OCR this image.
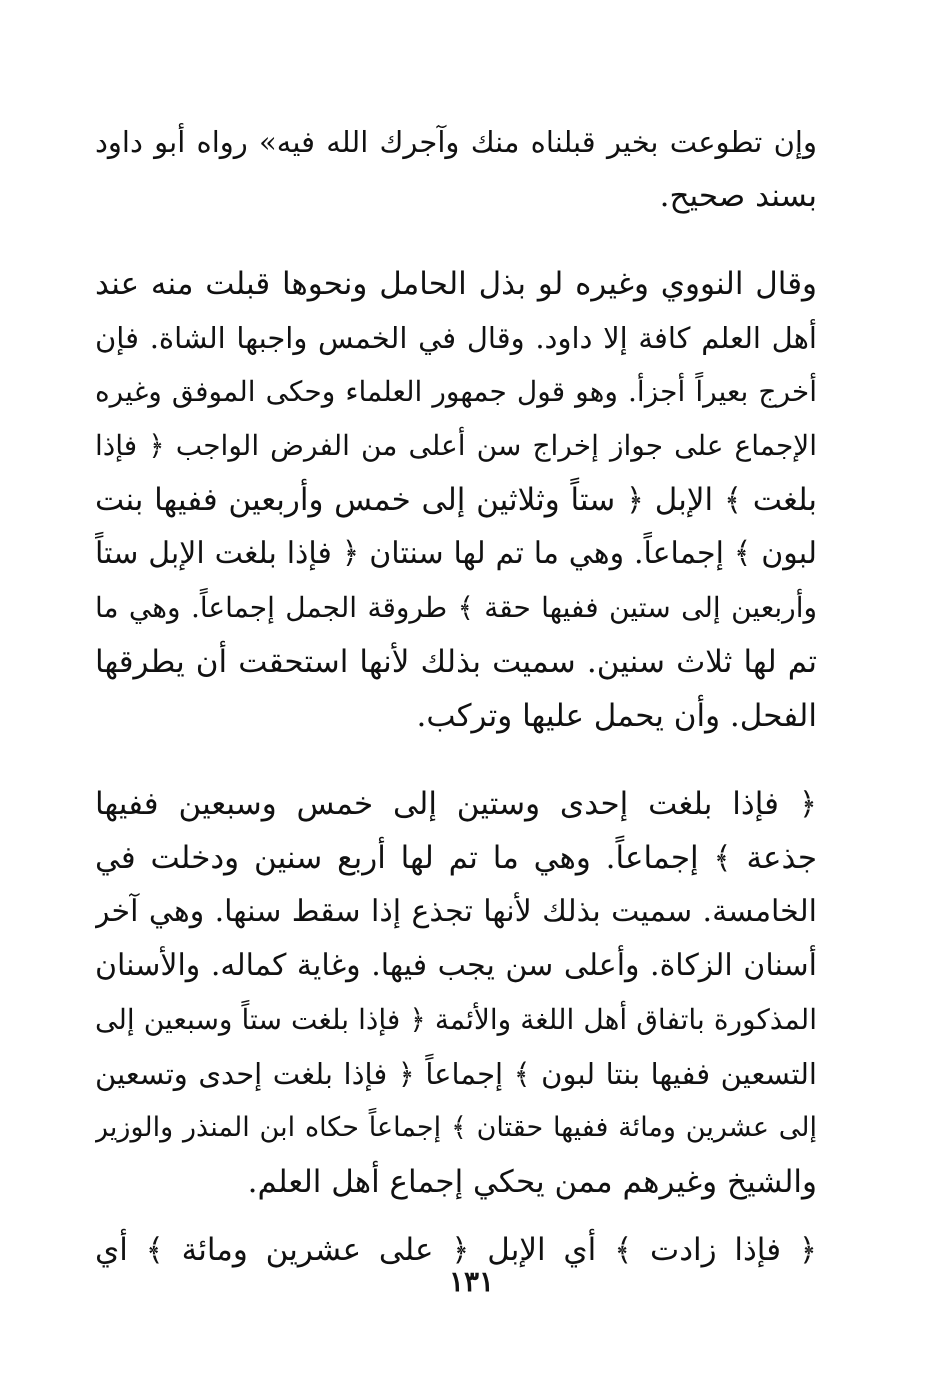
وإن تطوعت بخير قبلناه منك وآجرك الله فيه» رواه أبو داود
بسند صحيح.
وقال النووي وغيره لو بذل الحامل ونحوها قبلت منه عند
أهل العلم كافة إلا داود. وقال في الخمس واجبها الشاة. فإن
أخرج بعيراً أجزأ. وهو قول جمهور العلماء وحكى الموفق وغيره
الإجماع على جواز إخراج سن أعلى من الفرض الواجب ﴿ فإذا
بلغت ﴾ الإبل ﴿ ستاً وثلاثين إلى خمس وأربعين ففيها بنت
لبون ﴾ إجماعاً. وهي ما تم لها سنتان ﴿ فإذا بلغت الإبل ستاً
وأربعين إلى ستين ففيها حقة ﴾ طروقة الجمل إجماعاً. وهي ما
تم لها ثلاث سنين. سميت بذلك لأنها استحقت أن يطرقها
الفحل. وأن يحمل عليها وتركب.
﴿ فإذا بلغت إحدى وستين إلى خمس وسبعين ففيها
جذعة ﴾ إجماعاً. وهي ما تم لها أربع سنين ودخلت في
الخامسة. سميت بذلك لأنها تجذع إذا سقط سنها. وهي آخر
أسنان الزكاة. وأعلى سن يجب فيها. وغاية كماله. والأسنان
المذكورة باتفاق أهل اللغة والأئمة ﴿ فإذا بلغت ستاً وسبعين إلى
التسعين ففيها بنتا لبون ﴾ إجماعاً ﴿ فإذا بلغت إحدى وتسعين
إلى عشرين ومائة ففيها حقتان ﴾ إجماعاً حكاه ابن المنذر والوزير
والشيخ وغيرهم ممن يحكي إجماع أهل العلم.
﴿ فإذا زادت ﴾ أي الإبل ﴿ على عشرين ومائة ﴾ أي
١٣١
